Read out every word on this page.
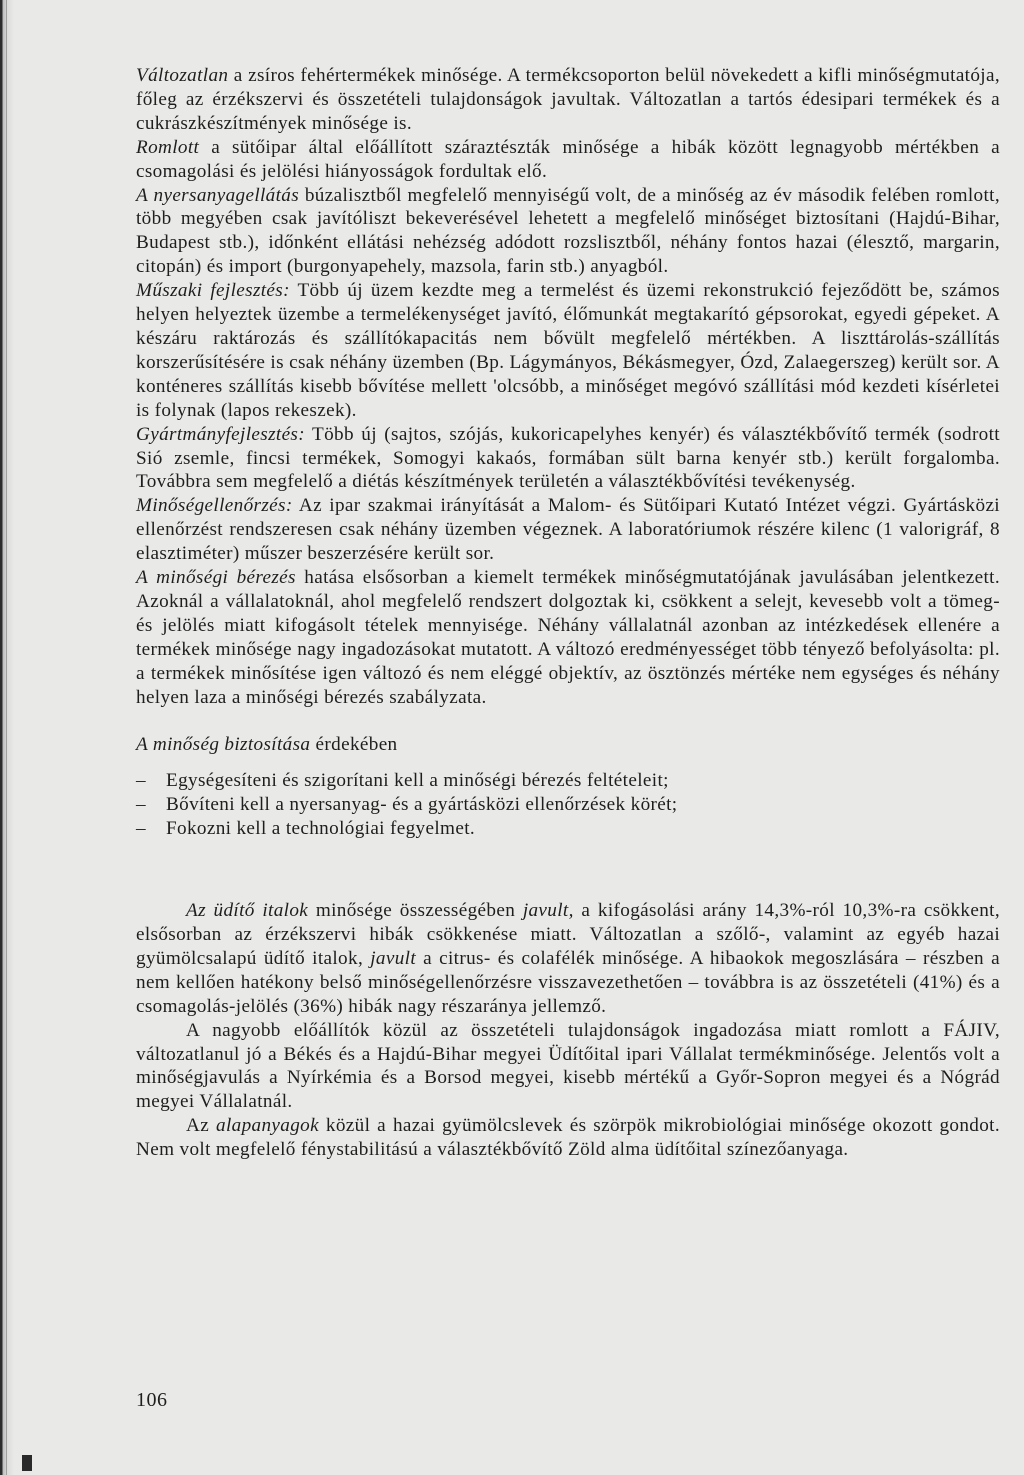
Változatlan a zsíros fehértermékek minősége. A termékcsoporton belül növekedett a kifli minőségmutatója, főleg az érzékszervi és összetételi tulajdonságok javultak. Változatlan a tartós édesipari termékek és a cukrászkészítmények minősége is.

Romlott a sütőipar által előállított száraztészták minősége a hibák között legnagyobb mértékben a csomagolási és jelölési hiányosságok fordultak elő.

A nyersanyagellátás búzalisztből megfelelő mennyiségű volt, de a minőség az év második felében romlott, több megyében csak javítóliszt bekeverésével lehetett a megfelelő minőséget biztosítani (Hajdú-Bihar, Budapest stb.), időnként ellátási nehézség adódott rozslisztből, néhány fontos hazai (élesztő, margarin, citopán) és import (burgonyapehely, mazsola, farin stb.) anyagból.

Műszaki fejlesztés: Több új üzem kezdte meg a termelést és üzemi rekonstrukció fejeződött be, számos helyen helyeztek üzembe a termelékenységet javító, élőmunkát megtakarító gépsorokat, egyedi gépeket. A készáru raktározás és szállítókapacitás nem bővült megfelelő mértékben. A liszttárolás-szállítás korszerűsítésére is csak néhány üzemben (Bp. Lágymányos, Békásmegyer, Ózd, Zalaegerszeg) került sor. A konténeres szállítás kisebb bővítése mellett 'olcsóbb, a minőséget megóvó szállítási mód kezdeti kísérletei is folynak (lapos rekeszek).

Gyártmányfejlesztés: Több új (sajtos, szójás, kukoricapelyhes kenyér) és választékbővítő termék (sodrott Sió zsemle, fincsi termékek, Somogyi kakaós, formában sült barna kenyér stb.) került forgalomba. Továbbra sem megfelelő a diétás készítmények területén a választékbővítési tevékenység.

Minőségellenőrzés: Az ipar szakmai irányítását a Malom- és Sütőipari Kutató Intézet végzi. Gyártásközi ellenőrzést rendszeresen csak néhány üzemben végeznek. A laboratóriumok részére kilenc (1 valorigráf, 8 elasztiméter) műszer beszerzésére került sor.

A minőségi bérezés hatása elsősorban a kiemelt termékek minőségmutatójának javulásában jelentkezett. Azoknál a vállalatoknál, ahol megfelelő rendszert dolgoztak ki, csökkent a selejt, kevesebb volt a tömeg- és jelölés miatt kifogásolt tételek mennyisége. Néhány vállalatnál azonban az intézkedések ellenére a termékek minősége nagy ingadozásokat mutatott. A változó eredményességet több tényező befolyásolta: pl. a termékek minősítése igen változó és nem eléggé objektív, az ösztönzés mértéke nem egységes és néhány helyen laza a minőségi bérezés szabályzata.

A minőség biztosítása érdekében

– Egységesíteni és szigorítani kell a minőségi bérezés feltételeit;
– Bővíteni kell a nyersanyag- és a gyártásközi ellenőrzések körét;
– Fokozni kell a technológiai fegyelmet.

Az üdítő italok minősége összességében javult, a kifogásolási arány 14,3%-ról 10,3%-ra csökkent, elsősorban az érzékszervi hibák csökkenése miatt. Változatlan a szőlő-, valamint az egyéb hazai gyümölcsalapú üdítő italok, javult a citrus- és colafélék minősége. A hibaokok megoszlására – részben a nem kellően hatékony belső minőségellenőrzésre visszavezethetően – továbbra is az összetételi (41%) és a csomagolás-jelölés (36%) hibák nagy részaránya jellemző.

A nagyobb előállítók közül az összetételi tulajdonságok ingadozása miatt romlott a FÁJIV, változatlanul jó a Békés és a Hajdú-Bihar megyei Üdítőital ipari Vállalat termékminősége. Jelentős volt a minőségjavulás a Nyírkémia és a Borsod megyei, kisebb mértékű a Győr-Sopron megyei és a Nógrád megyei Vállalatnál.

Az alapanyagok közül a hazai gyümölcslevek és szörpök mikrobiológiai minősége okozott gondot. Nem volt megfelelő fénystabilitású a választékbővítő Zöld alma üdítőital színezőanyaga.

106
